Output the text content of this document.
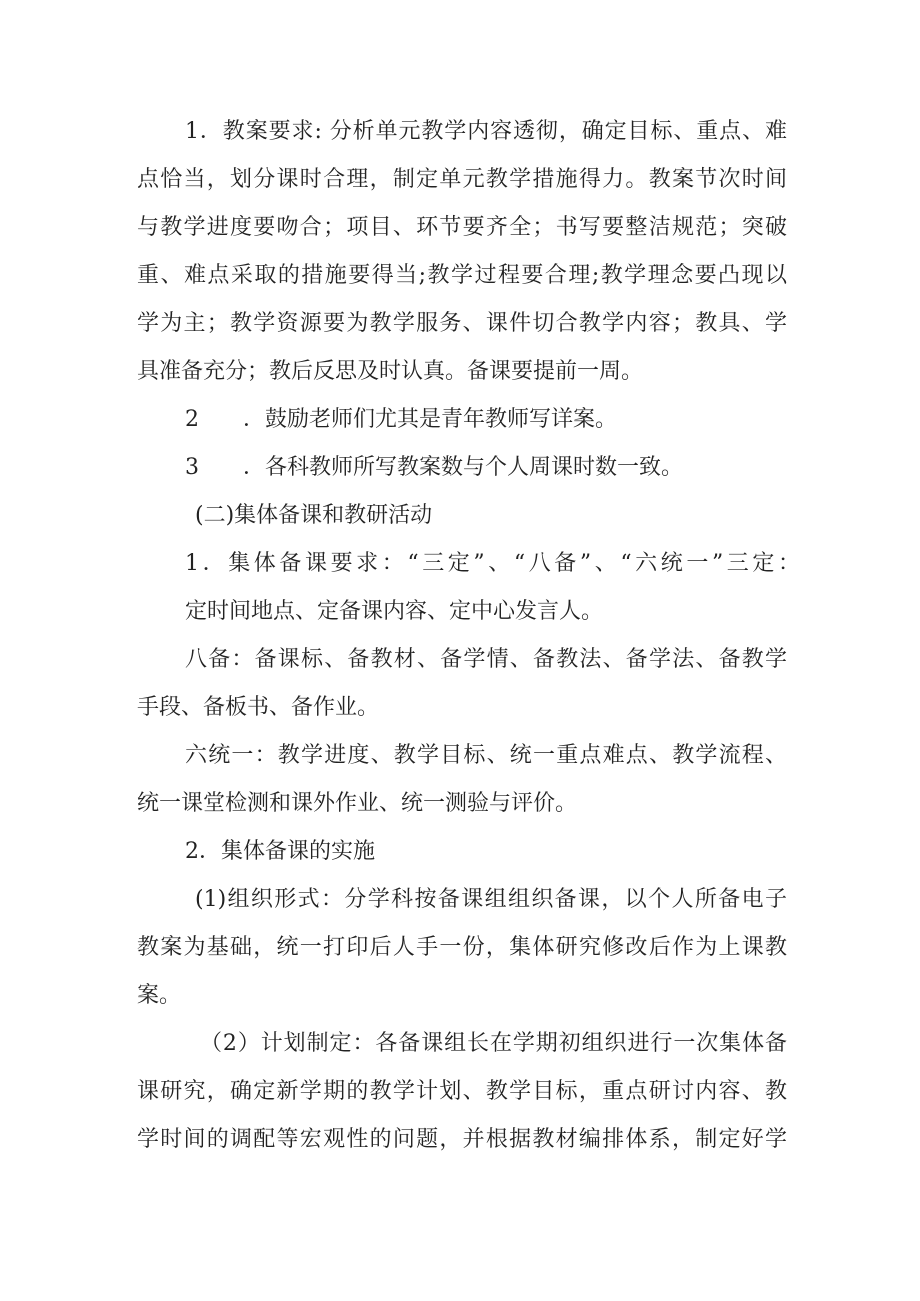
1．教案要求: 分析单元教学内容透彻，确定目标、重点、难

点恰当，划分课时合理，制定单元教学措施得力。教案节次时间

与教学进度要吻合；项目、环节要齐全；书写要整洁规范；突破

重、难点采取的措施要得当;教学过程要合理;教学理念要凸现以

学为主；教学资源要为教学服务、课件切合教学内容；教具、学

具准备充分；教后反思及时认真。备课要提前一周。

2　　．鼓励老师们尤其是青年教师写详案。

3　　．各科教师所写教案数与个人周课时数一致。

(二)集体备课和教研活动

1．集体备课要求：“三定”、“八备”、“六统一”三定：

定时间地点、定备课内容、定中心发言人。

八备：备课标、备教材、备学情、备教法、备学法、备教学

手段、备板书、备作业。

六统一：教学进度、教学目标、统一重点难点、教学流程、

统一课堂检测和课外作业、统一测验与评价。

2．集体备课的实施

(1)组织形式：分学科按备课组组织备课，以个人所备电子

教案为基础，统一打印后人手一份，集体研究修改后作为上课教

案。

（2）计划制定：各备课组长在学期初组织进行一次集体备

课研究，确定新学期的教学计划、教学目标，重点研讨内容、教

学时间的调配等宏观性的问题，并根据教材编排体系，制定好学
